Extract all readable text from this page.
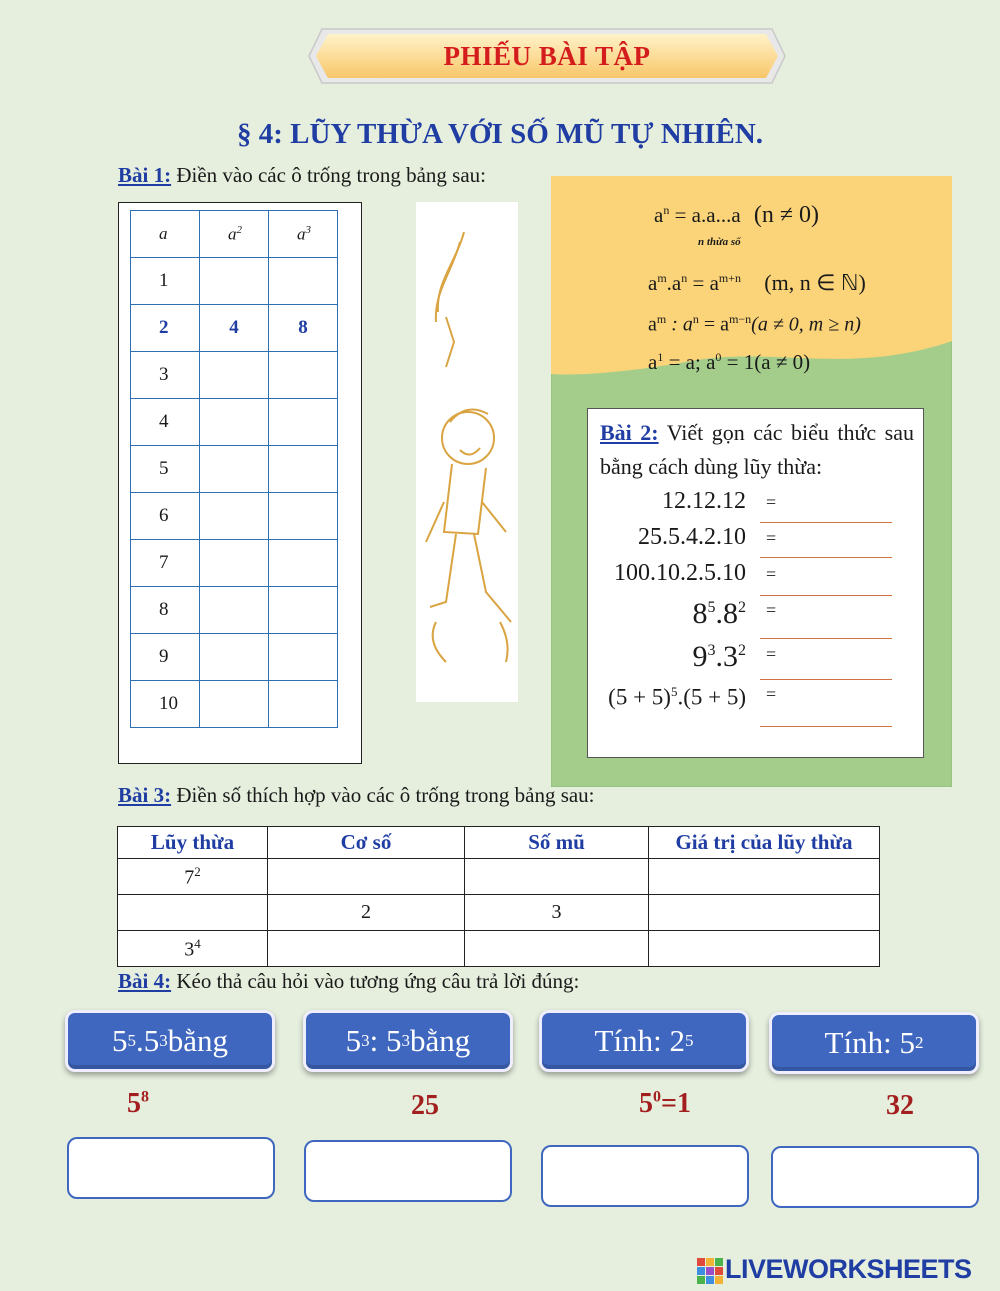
PHIẾU BÀI TẬP
§ 4: LŨY THỪA VỚI SỐ MŨ TỰ NHIÊN.
Bài 1: Điền vào các ô trống trong bảng sau:
a	$a^2$	$a^3$
1		
2	4	8
3		
4		
5		
6		
7		
8		
9		
10		
$a^n = a.a...a$ (n ≠ 0)
n thừa số
$a^m.a^n = a^{m+n}$ (m, n ∈ ℕ)
$a^m$ : $a^n = a^{m-n}(a \ne 0$, m ≥ n)
$a^1 = a$; $a^0 = 1(a \ne 0)$
Bài 2: Viết gọn các biểu thức sau bằng cách dùng lũy thừa:
12.12.12 =
25.5.4.2.10 =
100.10.2.5.10 =
$8^5.8^2$ =
$9^3.3^2$ =
$(5 + 5)^5.(5 + 5)$ =
Bài 3: Điền số thích hợp vào các ô trống trong bảng sau:
Lũy thừa	Cơ số	Số mũ	Giá trị của lũy thừa
$7^2$			
	2	3	
$3^4$			
Bài 4: Kéo thả câu hỏi vào tương ứng câu trả lời đúng:
5 5 .5 3 bằng	5 3 : 5 3 bằng	Tính: 2 5	Tính: 5 2
$5^8$	25	$5^0=1$	32
LIVEWORKSHEETS
